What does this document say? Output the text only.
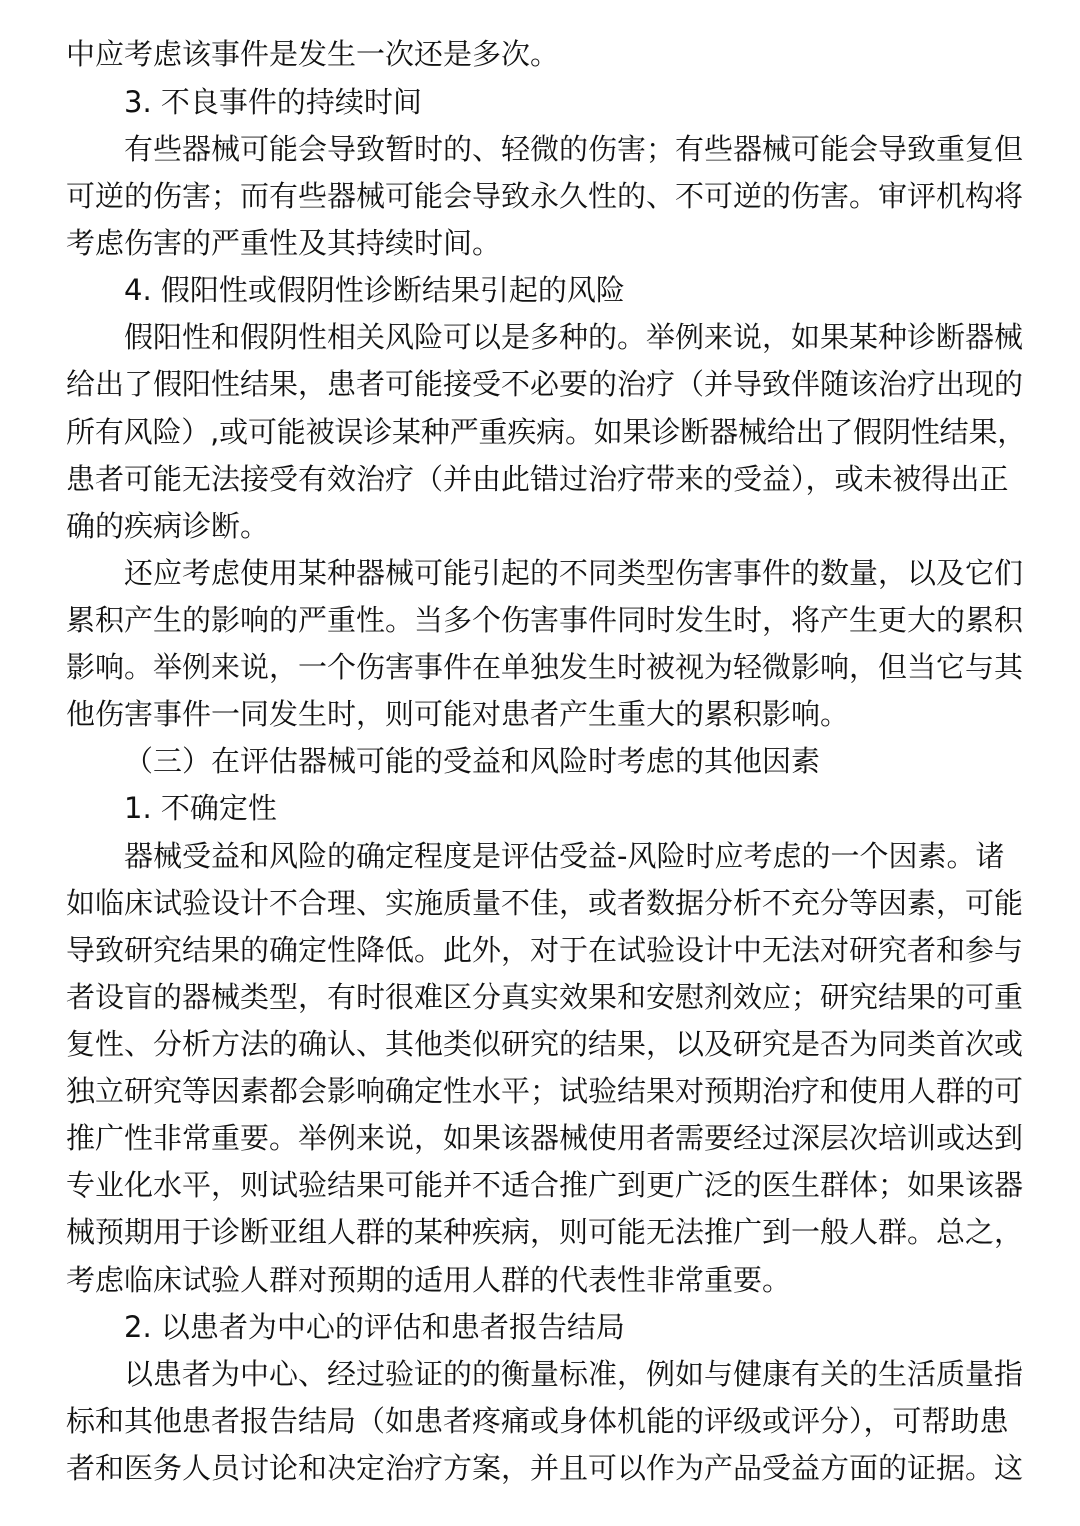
中应考虑该事件是发生一次还是多次。
3. 不良事件的持续时间
有些器械可能会导致暂时的、轻微的伤害；有些器械可能会导致重复但
可逆的伤害；而有些器械可能会导致永久性的、不可逆的伤害。审评机构将
考虑伤害的严重性及其持续时间。
4. 假阳性或假阴性诊断结果引起的风险
假阳性和假阴性相关风险可以是多种的。举例来说，如果某种诊断器械
给出了假阳性结果，患者可能接受不必要的治疗（并导致伴随该治疗出现的
所有风险）,或可能被误诊某种严重疾病。如果诊断器械给出了假阴性结果，
患者可能无法接受有效治疗（并由此错过治疗带来的受益），或未被得出正
确的疾病诊断。
还应考虑使用某种器械可能引起的不同类型伤害事件的数量，以及它们
累积产生的影响的严重性。当多个伤害事件同时发生时，将产生更大的累积
影响。举例来说，一个伤害事件在单独发生时被视为轻微影响，但当它与其
他伤害事件一同发生时，则可能对患者产生重大的累积影响。
（三）在评估器械可能的受益和风险时考虑的其他因素
1. 不确定性
器械受益和风险的确定程度是评估受益-风险时应考虑的一个因素。诸
如临床试验设计不合理、实施质量不佳，或者数据分析不充分等因素，可能
导致研究结果的确定性降低。此外，对于在试验设计中无法对研究者和参与
者设盲的器械类型，有时很难区分真实效果和安慰剂效应；研究结果的可重
复性、分析方法的确认、其他类似研究的结果，以及研究是否为同类首次或
独立研究等因素都会影响确定性水平；试验结果对预期治疗和使用人群的可
推广性非常重要。举例来说，如果该器械使用者需要经过深层次培训或达到
专业化水平，则试验结果可能并不适合推广到更广泛的医生群体；如果该器
械预期用于诊断亚组人群的某种疾病，则可能无法推广到一般人群。总之，
考虑临床试验人群对预期的适用人群的代表性非常重要。
2. 以患者为中心的评估和患者报告结局
以患者为中心、经过验证的的衡量标准，例如与健康有关的生活质量指
标和其他患者报告结局（如患者疼痛或身体机能的评级或评分），可帮助患
者和医务人员讨论和决定治疗方案，并且可以作为产品受益方面的证据。这
